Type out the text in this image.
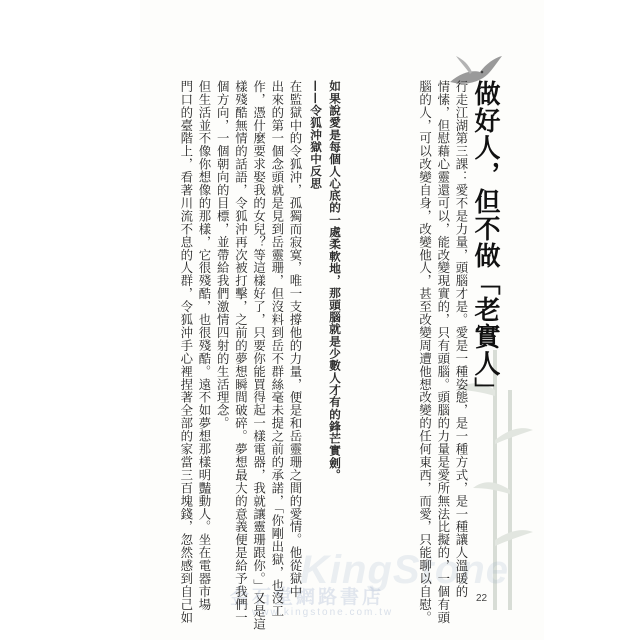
KingStone
金石堂網路書店
www.kingstone.com.tw
做好人，但不做「老實人」
行走江湖第三課：愛不是力量，頭腦才是。愛是一種姿態，是一種方式，是一種讓人溫暖的
情愫，但慰藉心靈還可以，能改變現實的，只有頭腦。頭腦的力量是愛所無法比擬的，一個有頭
腦的人，可以改變自身，改變他人，甚至改變周遭他想改變的任何東西，而愛，只能聊以自慰。
如果說愛是每個人心底的一處柔軟地，那頭腦就是少數人才有的鋒芒實劍。
——令狐沖獄中反思
在監獄中的令狐沖，孤獨而寂寞，唯一支撐他的力量，便是和岳靈珊之間的愛情。他從獄中
出來的第一個念頭就是見到岳靈珊，但沒料到岳不群絲毫未提之前的承諾，「你剛出獄，也沒工
作，憑什麼要求娶我的女兒？等這樣好了，只要你能買得起一樣電器，我就讓靈珊跟你。」又是這
樣殘酷無情的話語，令狐沖再次被打擊，之前的夢想瞬間破碎。夢想最大的意義便是給予我們一
個方向，一個朝向的目標，並帶給我們激情四射的生活理念。
但生活並不像你想像的那樣，它很殘酷，也很殘酷。遠不如夢想那樣明豔動人。坐在電器市場
門口的臺階上，看著川流不息的人群，令狐沖手心裡捏著全部的家當三百塊錢，忽然感到自己如	22
